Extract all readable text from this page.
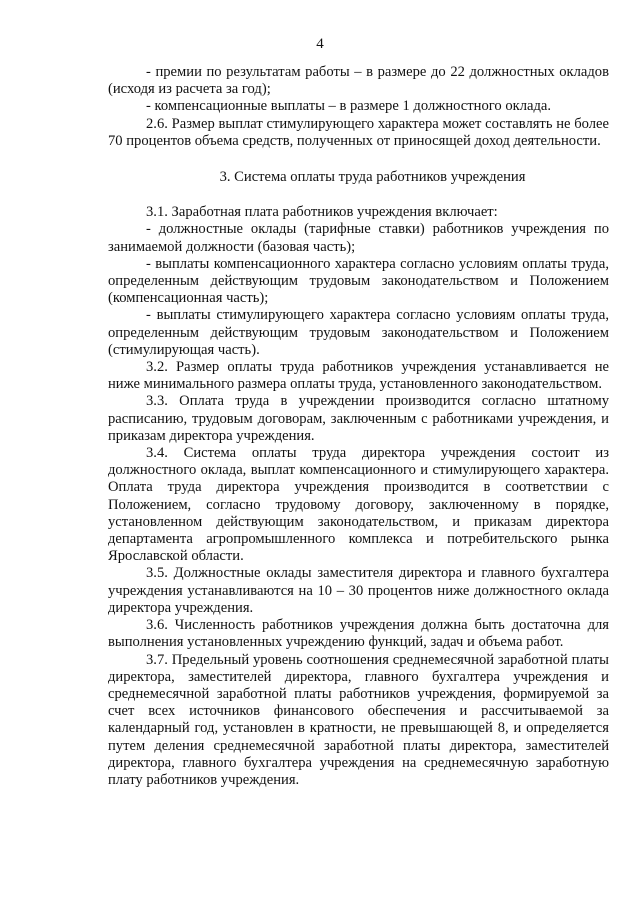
4

- премии по результатам работы – в размере до 22 должностных окладов (исходя из расчета за год);

- компенсационные выплаты – в размере 1 должностного оклада.

2.6. Размер выплат стимулирующего характера может составлять не более 70 процентов объема средств, полученных от приносящей доход деятельности.

3. Система оплаты труда работников учреждения

3.1. Заработная плата работников учреждения включает:

- должностные оклады (тарифные ставки) работников учреждения по занимаемой должности (базовая часть);

- выплаты компенсационного характера согласно условиям оплаты труда, определенным действующим трудовым законодательством и Положением (компенсационная часть);

- выплаты стимулирующего характера согласно условиям оплаты труда, определенным действующим трудовым законодательством и Положением (стимулирующая часть).

3.2. Размер оплаты труда работников учреждения устанавливается не ниже минимального размера оплаты труда, установленного законодательством.

3.3. Оплата труда в учреждении производится согласно штатному расписанию, трудовым договорам, заключенным с работниками учреждения, и приказам директора учреждения.

3.4. Система оплаты труда директора учреждения состоит из должностного оклада, выплат компенсационного и стимулирующего характера. Оплата труда директора учреждения производится в соответствии с Положением, согласно трудовому договору, заключенному в порядке, установленном действующим законодательством, и приказам директора департамента агропромышленного комплекса и потребительского рынка Ярославской области.

3.5. Должностные оклады заместителя директора и главного бухгалтера учреждения устанавливаются на 10 – 30 процентов ниже должностного оклада директора учреждения.

3.6. Численность работников учреждения должна быть достаточна для выполнения установленных учреждению функций, задач и объема работ.

3.7. Предельный уровень соотношения среднемесячной заработной платы директора, заместителей директора, главного бухгалтера учреждения и среднемесячной заработной платы работников учреждения, формируемой за счет всех источников финансового обеспечения и рассчитываемой за календарный год, установлен в кратности, не превышающей 8, и определяется путем деления среднемесячной заработной платы директора, заместителей директора, главного бухгалтера учреждения на среднемесячную заработную плату работников учреждения.
